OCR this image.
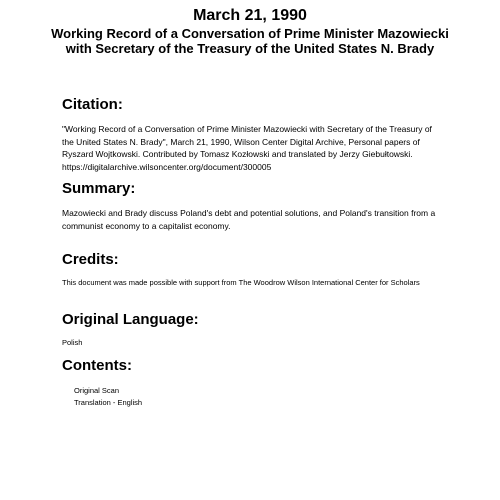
March 21, 1990
Working Record of a Conversation of Prime Minister Mazowiecki with Secretary of the Treasury of the United States N. Brady
Citation:
"Working Record of a Conversation of Prime Minister Mazowiecki with Secretary of the Treasury of the United States N. Brady", March 21, 1990, Wilson Center Digital Archive, Personal papers of Ryszard Wojtkowski. Contributed by Tomasz Kozłowski and translated by Jerzy Giebułtowski. https://digitalarchive.wilsoncenter.org/document/300005
Summary:
Mazowiecki and Brady discuss Poland's debt and potential solutions, and Poland's transition from a communist economy to a capitalist economy.
Credits:
This document was made possible with support from The Woodrow Wilson International Center for Scholars
Original Language:
Polish
Contents:
Original Scan
Translation - English
